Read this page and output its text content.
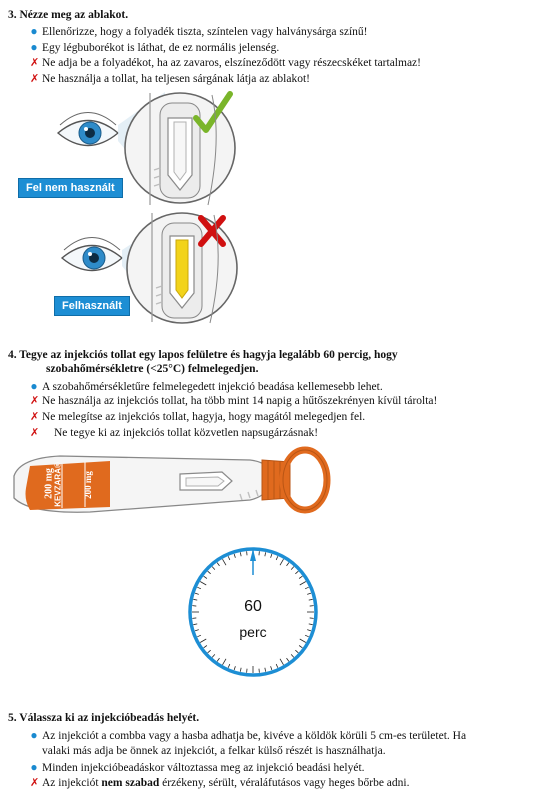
3. Nézze meg az ablakot.
● Ellenőrizze, hogy a folyadék tiszta, színtelen vagy halványsárga színű!
● Egy légbuborékot is láthat, de ez normális jelenség.
✗ Ne adja be a folyadékot, ha az zavaros, elszíneződött vagy részecskéket tartalmaz!
✗ Ne használja a tollat, ha teljesen sárgának látja az ablakot!
Fel nem használt
Felhasznált
4. Tegye az injekciós tollat egy lapos felületre és hagyja legalább 60 percig, hogy
szobahőmérsékletre (<25°C) felmelegedjen.
● A szobahőmérsékletűre felmelegedett injekció beadása kellemesebb lehet.
✗ Ne használja az injekciós tollat, ha több mint 14 napig a hűtőszekrényen kívül tárolta!
✗ Ne melegítse az injekciós tollat, hagyja, hogy magától melegedjen fel.
✗ Ne tegye ki az injekciós tollat közvetlen napsugárzásnak!
KEVZARA®
200 mg	200 mg
60
perc
5. Válassza ki az injekcióbeadás helyét.
● Az injekciót a combba vagy a hasba adhatja be, kivéve a köldök körüli 5 cm-es területet. Ha
valaki más adja be önnek az injekciót, a felkar külső részét is használhatja.
● Minden injekcióbeadáskor változtassa meg az injekció beadási helyét.
✗ Az injekciót nem szabad érzékeny, sérült, véraláfutásos vagy heges bőrbe adni.
